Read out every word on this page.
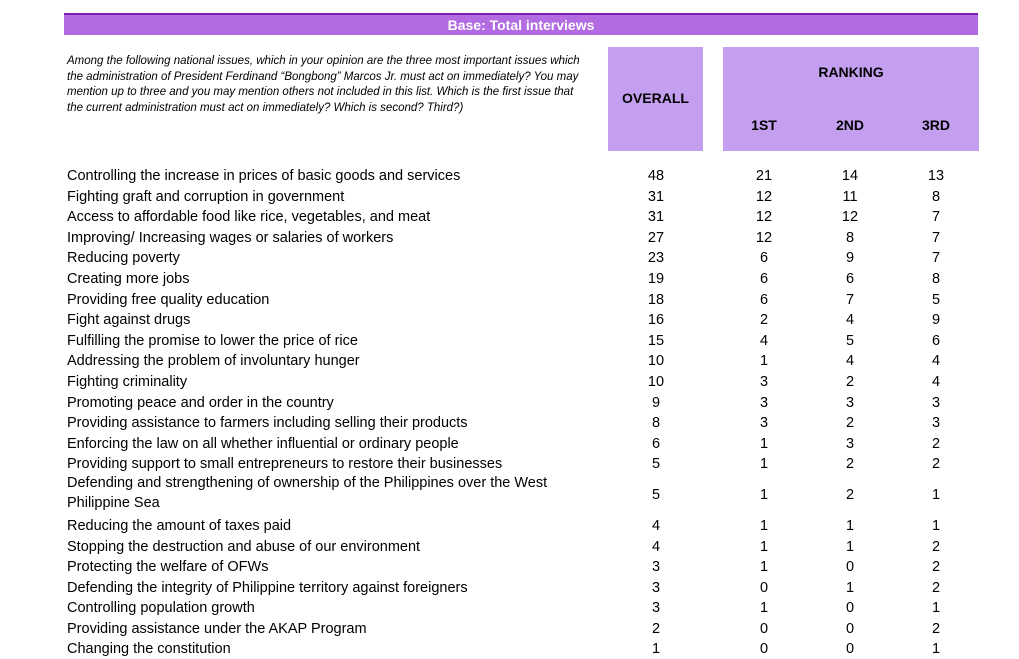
Base: Total interviews
Among the following national issues, which in your opinion are the three most important issues which the administration of President Ferdinand “Bongbong” Marcos Jr. must act on immediately? You may mention up to three and you may mention others not included in this list. Which is the first issue that the current administration must act on immediately? Which is second? Third?)
OVERALL
RANKING
1ST	2ND	3RD
Controlling the increase in prices of basic goods and services	48	21	14	13
Fighting graft and corruption in government	31	12	11	8
Access to affordable food like rice, vegetables, and meat	31	12	12	7
Improving/ Increasing wages or salaries of workers	27	12	8	7
Reducing poverty	23	6	9	7
Creating more jobs	19	6	6	8
Providing free quality education	18	6	7	5
Fight against drugs	16	2	4	9
Fulfilling the promise to lower the price of rice	15	4	5	6
Addressing the problem of involuntary hunger	10	1	4	4
Fighting criminality	10	3	2	4
Promoting peace and order in the country	9	3	3	3
Providing assistance to farmers including selling their products	8	3	2	3
Enforcing the law on all whether influential or ordinary people	6	1	3	2
Providing support to small entrepreneurs to restore their businesses	5	1	2	2
Defending and strengthening of ownership of the Philippines over the West Philippine Sea	5	1	2	1
Reducing the amount of taxes paid	4	1	1	1
Stopping the destruction and abuse of our environment	4	1	1	2
Protecting the welfare of OFWs	3	1	0	2
Defending the integrity of Philippine territory against foreigners	3	0	1	2
Controlling population growth	3	1	0	1
Providing assistance under the AKAP Program	2	0	0	2
Changing the constitution	1	0	0	1
